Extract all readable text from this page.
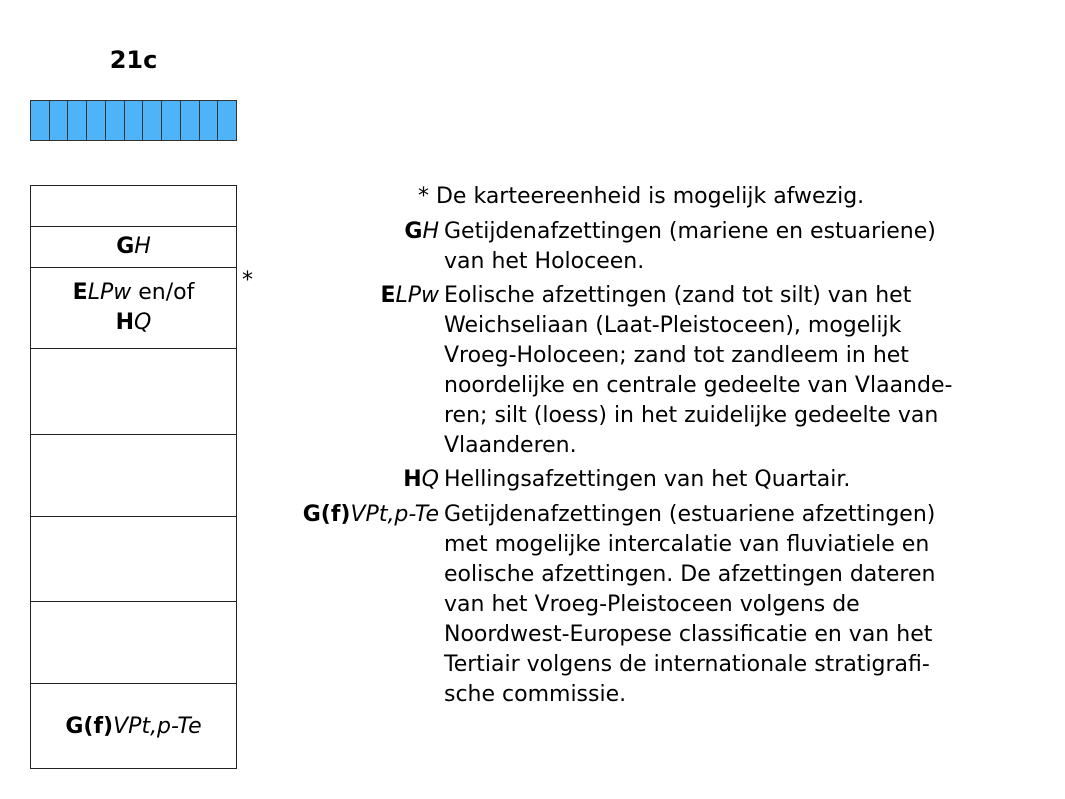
21c
GH
ELPw en/of
HQ
G(f)VPt,p-Te
*
* De karteereenheid is mogelijk afwezig.
GH Getijdenafzettingen (mariene en estuariene)
van het Holoceen.
ELPw Eolische afzettingen (zand tot silt) van het
Weichseliaan (Laat-Pleistoceen), mogelijk
Vroeg-Holoceen; zand tot zandleem in het
noordelijke en centrale gedeelte van Vlaande-
ren; silt (loess) in het zuidelijke gedeelte van
Vlaanderen.
HQ Hellingsafzettingen van het Quartair.
G(f)VPt,p-Te Getijdenafzettingen (estuariene afzettingen)
met mogelijke intercalatie van fluviatiele en
eolische afzettingen. De afzettingen dateren
van het Vroeg-Pleistoceen volgens de
Noordwest-Europese classificatie en van het
Tertiair volgens de internationale stratigrafi-
sche commissie.
